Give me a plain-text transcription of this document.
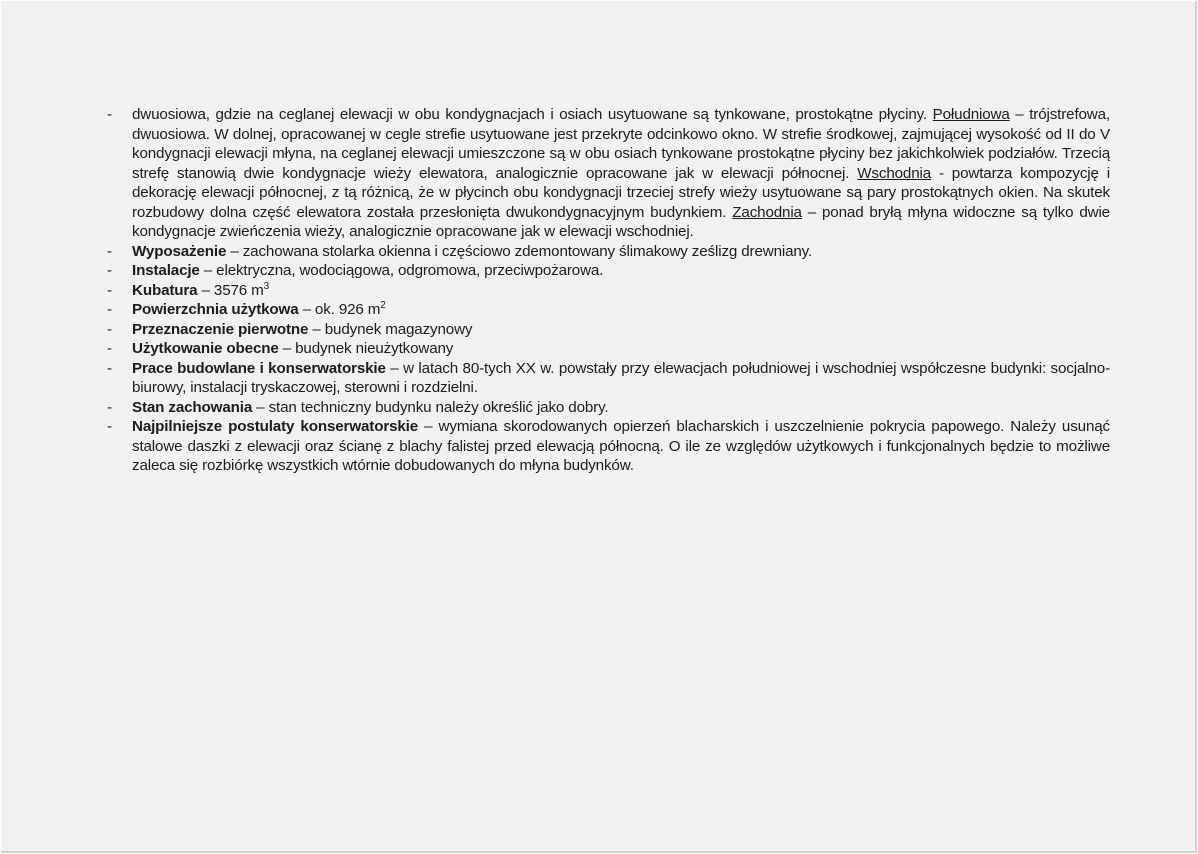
- dwuosiowa, gdzie na ceglanej elewacji w obu kondygnacjach i osiach usytuowane są tynkowane, prostokątne płyciny. Południowa – trójstrefowa, dwuosiowa. W dolnej, opracowanej w cegle strefie usytuowane jest przekryte odcinkowo okno. W strefie środkowej, zajmującej wysokość od II do V kondygnacji elewacji młyna, na ceglanej elewacji umieszczone są w obu osiach tynkowane prostokątne płyciny bez jakichkolwiek podziałów. Trzecią strefę stanowią dwie kondygnacje wieży elewatora, analogicznie opracowane jak w elewacji północnej. Wschodnia - powtarza kompozycję i dekorację elewacji północnej, z tą różnicą, że w płycinch obu kondygnacji trzeciej strefy wieży usytuowane są pary prostokątnych okien. Na skutek rozbudowy dolna część elewatora została przesłonięta dwukondygnacyjnym budynkiem. Zachodnia – ponad bryłą młyna widoczne są tylko dwie kondygnacje zwieńczenia wieży, analogicznie opracowane jak w elewacji wschodniej.
- Wyposażenie – zachowana stolarka okienna i częściowo zdemontowany ślimakowy ześlizg drewniany.
- Instalacje – elektryczna, wodociągowa, odgromowa, przeciwpożarowa.
- Kubatura – 3576 $m^3$
- Powierzchnia użytkowa – ok. 926 $m^2$
- Przeznaczenie pierwotne – budynek magazynowy
- Użytkowanie obecne – budynek nieużytkowany
- Prace budowlane i konserwatorskie – w latach 80-tych XX w. powstały przy elewacjach południowej i wschodniej współczesne budynki: socjalno-biurowy, instalacji tryskaczowej, sterowni i rozdzielni.
- Stan zachowania – stan techniczny budynku należy określić jako dobry.
- Najpilniejsze postulaty konserwatorskie – wymiana skorodowanych opierzeń blacharskich i uszczelnienie pokrycia papowego. Należy usunąć stalowe daszki z elewacji oraz ścianę z blachy falistej przed elewacją północną. O ile ze względów użytkowych i funkcjonalnych będzie to możliwe zaleca się rozbiórkę wszystkich wtórnie dobudowanych do młyna budynków.
